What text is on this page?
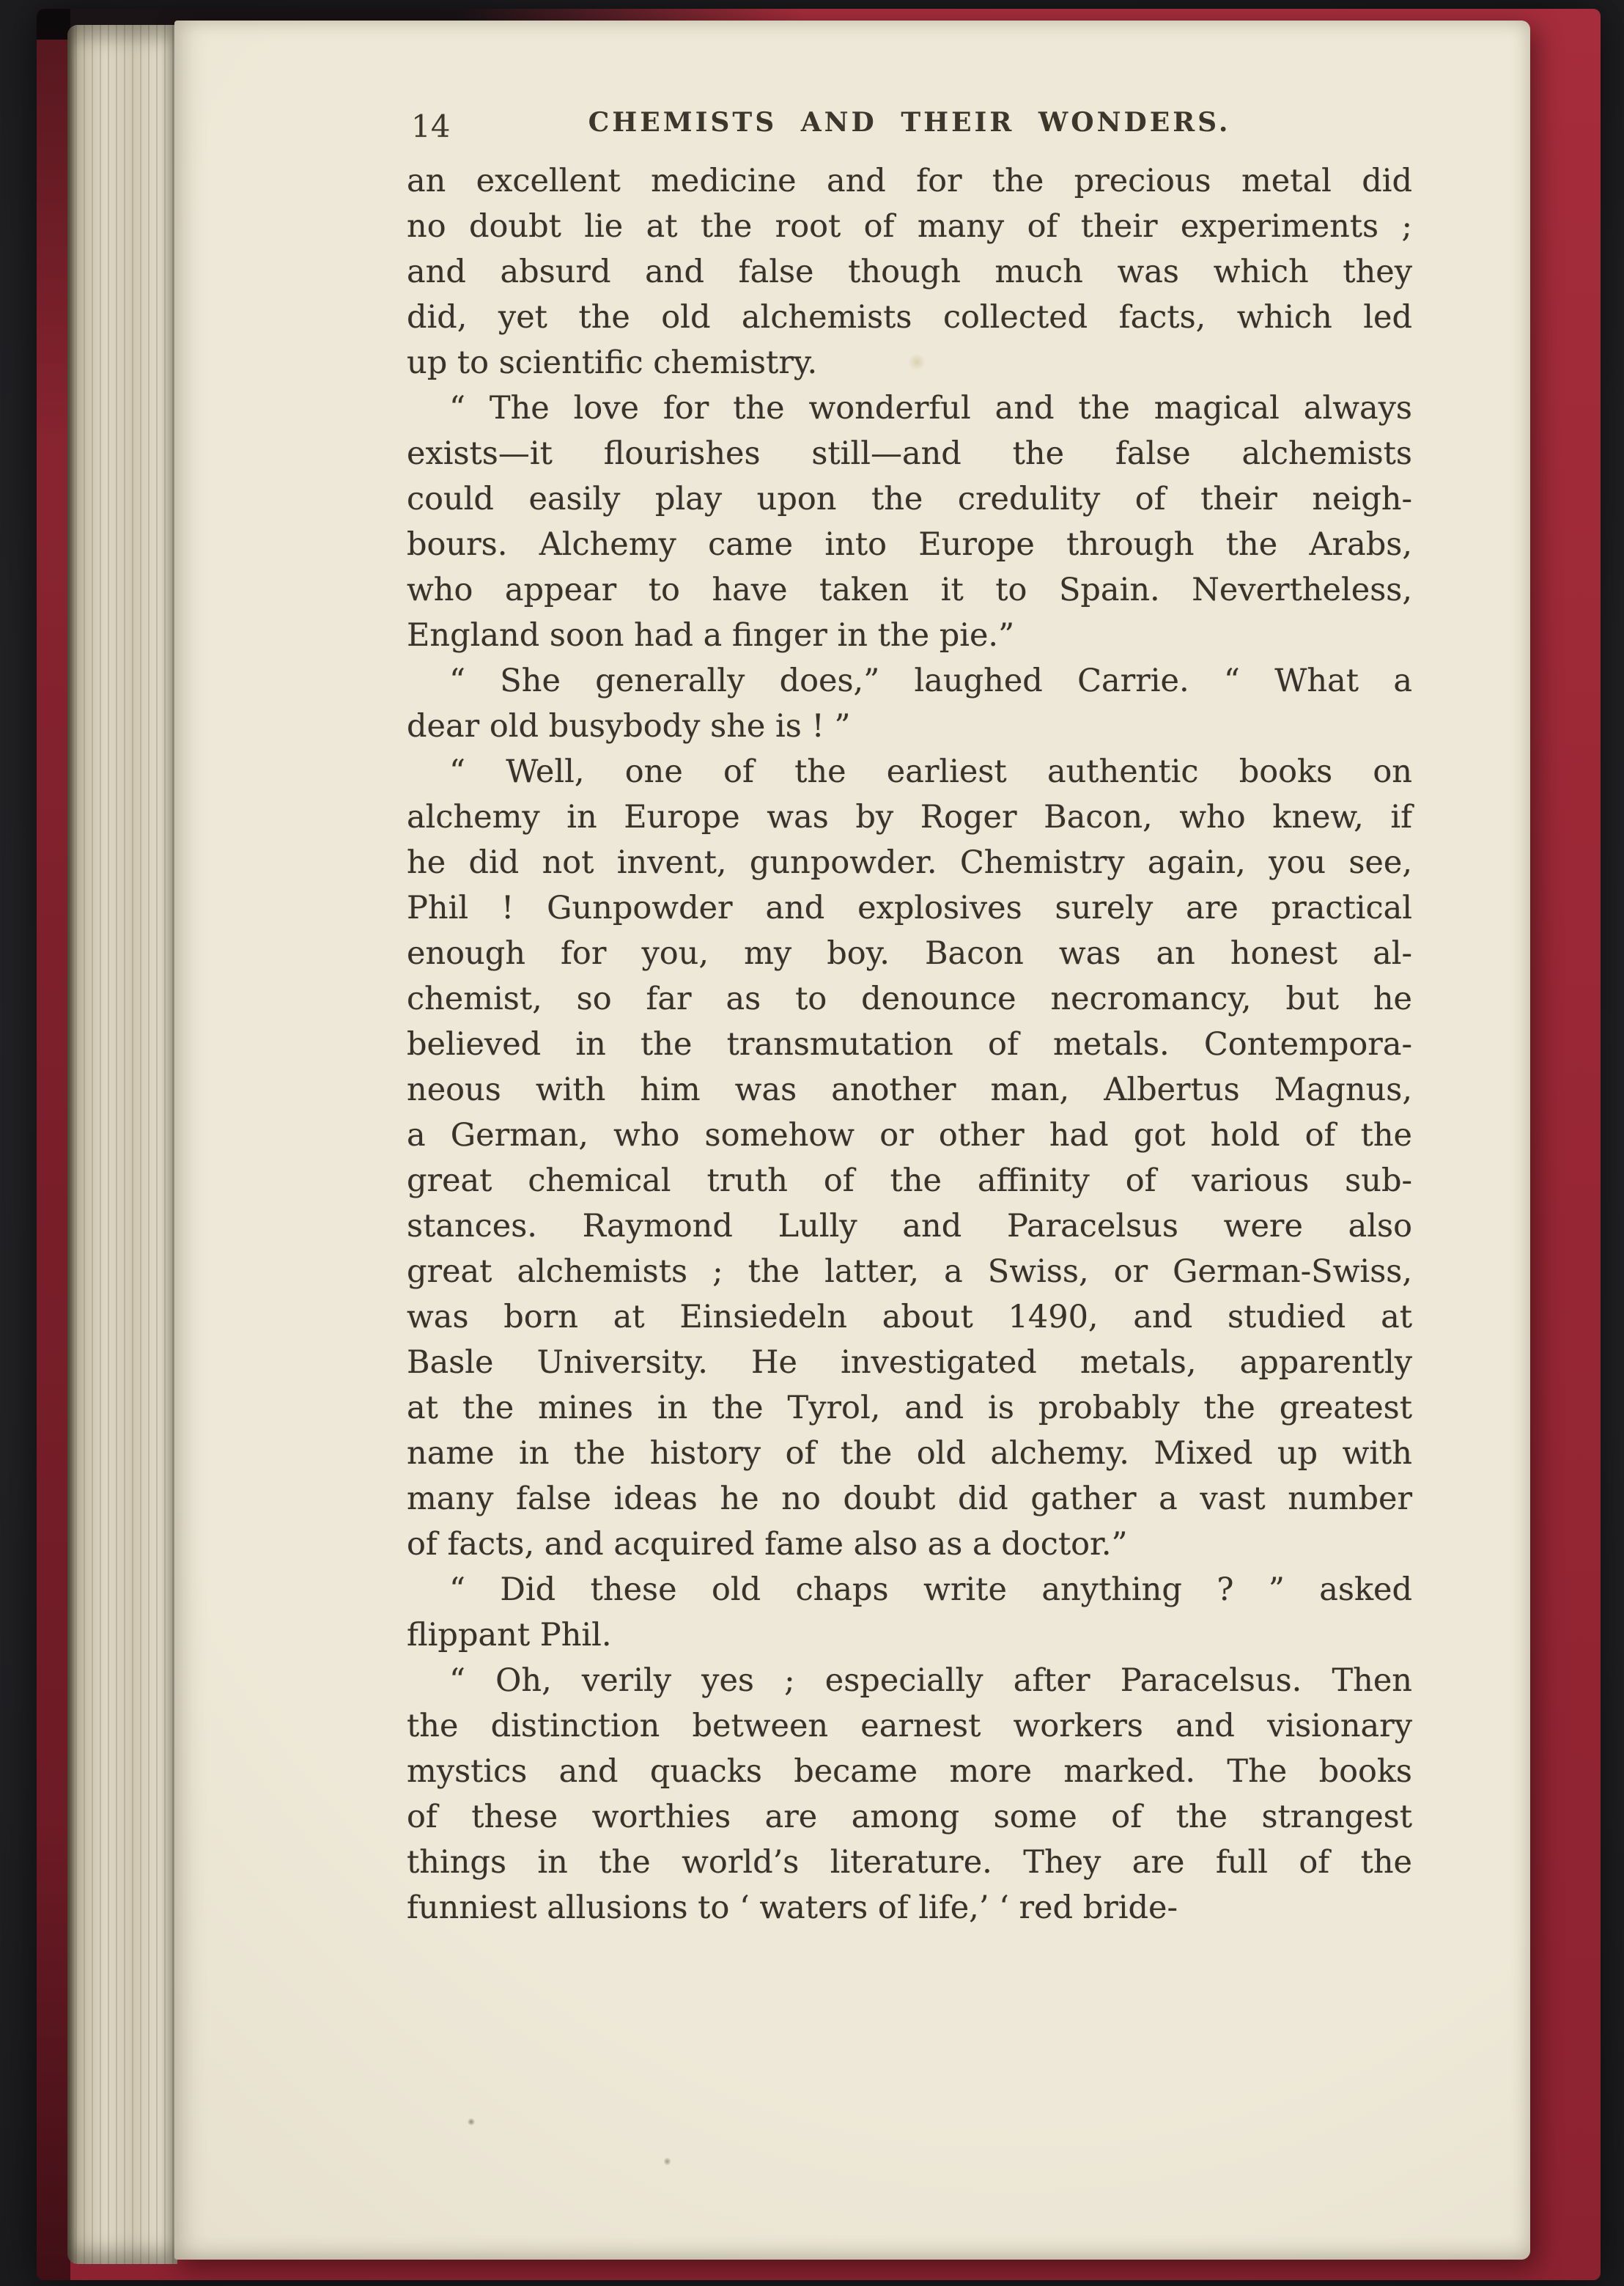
14	CHEMISTS AND THEIR WONDERS.
an excellent medicine and for the precious metal did
no doubt lie at the root of many of their experiments ;
and absurd and false though much was which they
did, yet the old alchemists collected facts, which led
up to scientific chemistry.
“ The love for the wonderful and the magical always
exists—it flourishes still—and the false alchemists
could easily play upon the credulity of their neigh-
bours. Alchemy came into Europe through the Arabs,
who appear to have taken it to Spain. Nevertheless,
England soon had a finger in the pie.”
“ She generally does,” laughed Carrie. “ What a
dear old busybody she is ! ”
“ Well, one of the earliest authentic books on
alchemy in Europe was by Roger Bacon, who knew, if
he did not invent, gunpowder. Chemistry again, you see,
Phil ! Gunpowder and explosives surely are practical
enough for you, my boy. Bacon was an honest al-
chemist, so far as to denounce necromancy, but he
believed in the transmutation of metals. Contempora-
neous with him was another man, Albertus Magnus,
a German, who somehow or other had got hold of the
great chemical truth of the affinity of various sub-
stances. Raymond Lully and Paracelsus were also
great alchemists ; the latter, a Swiss, or German-Swiss,
was born at Einsiedeln about 1490, and studied at
Basle University. He investigated metals, apparently
at the mines in the Tyrol, and is probably the greatest
name in the history of the old alchemy. Mixed up with
many false ideas he no doubt did gather a vast number
of facts, and acquired fame also as a doctor.”
“ Did these old chaps write anything ? ” asked
flippant Phil.
“ Oh, verily yes ; especially after Paracelsus. Then
the distinction between earnest workers and visionary
mystics and quacks became more marked. The books
of these worthies are among some of the strangest
things in the world’s literature. They are full of the
funniest allusions to ‘ waters of life,’ ‘ red bride-
